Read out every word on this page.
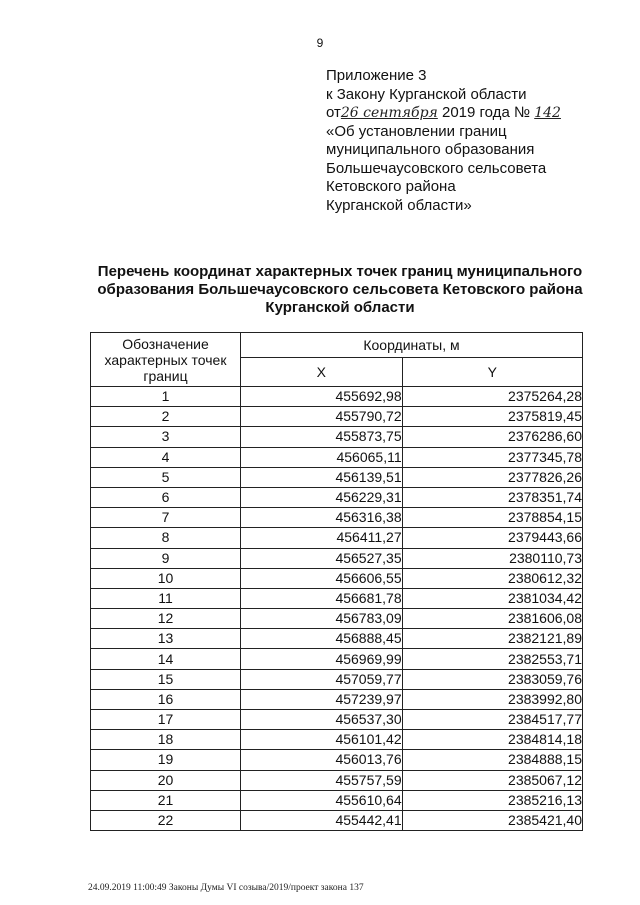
9
Приложение 3
к Закону Курганской области
от26 сентября 2019 года № 142
«Об установлении границ
муниципального образования
Большечаусовского сельсовета
Кетовского района
Курганской области»
Перечень координат характерных точек границ муниципального
образования Большечаусовского сельсовета Кетовского района
Курганской области
Обозначение характерных точек границ	Координаты, м	
	X	Y
1	455692,98	2375264,28
2	455790,72	2375819,45
3	455873,75	2376286,60
4	456065,11	2377345,78
5	456139,51	2377826,26
6	456229,31	2378351,74
7	456316,38	2378854,15
8	456411,27	2379443,66
9	456527,35	2380110,73
10	456606,55	2380612,32
11	456681,78	2381034,42
12	456783,09	2381606,08
13	456888,45	2382121,89
14	456969,99	2382553,71
15	457059,77	2383059,76
16	457239,97	2383992,80
17	456537,30	2384517,77
18	456101,42	2384814,18
19	456013,76	2384888,15
20	455757,59	2385067,12
21	455610,64	2385216,13
22	455442,41	2385421,40
24.09.2019 11:00:49 Законы Думы VI созыва/2019/проект закона 137
